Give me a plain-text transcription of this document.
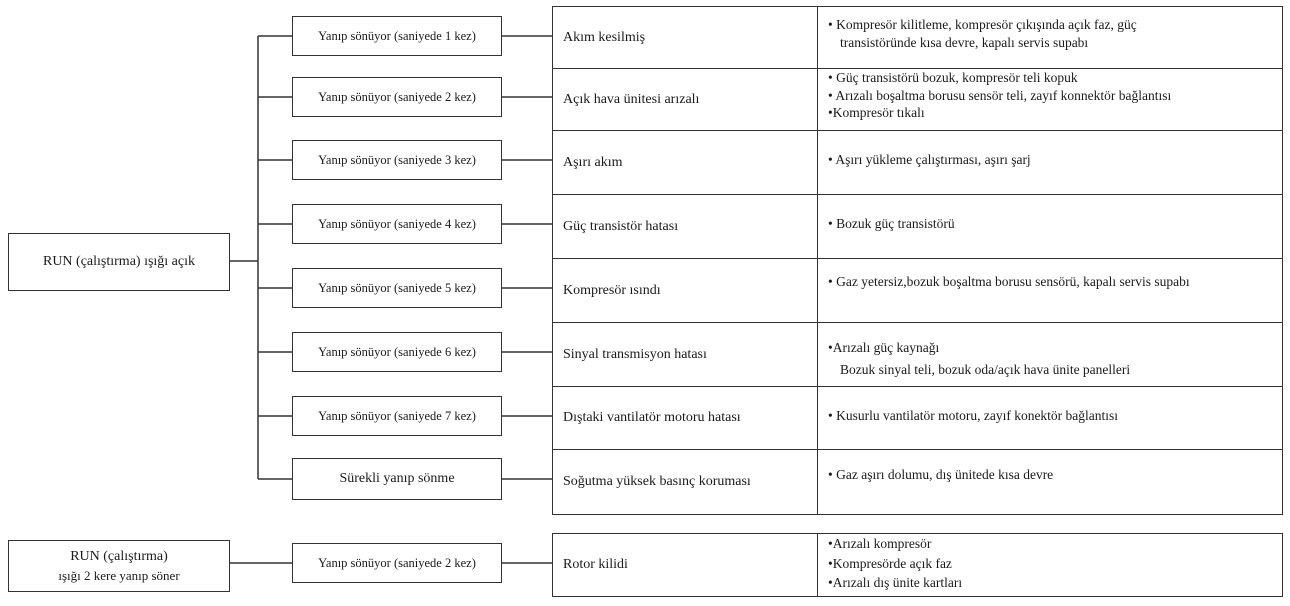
RUN (çalıştırma) ışığı açık
Yanıp sönüyor (saniyede 1 kez)
Yanıp sönüyor (saniyede 2 kez)
Yanıp sönüyor (saniyede 3 kez)
Yanıp sönüyor (saniyede 4 kez)
Yanıp sönüyor (saniyede 5 kez)
Yanıp sönüyor (saniyede 6 kez)
Yanıp sönüyor (saniyede 7 kez)
Sürekli yanıp sönme
Akım kesilmiş
Açık hava ünitesi arızalı
Aşırı akım
Güç transistör hatası
Kompresör ısındı
Sinyal transmisyon hatası
Dıştaki vantilatör motoru hatası
Soğutma yüksek basınç koruması
• Kompresör kilitleme, kompresör çıkışında açık faz, güç
transistöründe kısa devre, kapalı servis supabı
• Güç transistörü bozuk, kompresör teli kopuk
• Arızalı boşaltma borusu sensör teli, zayıf konnektör bağlantısı
• Kompresör tıkalı
• Aşırı yükleme çalıştırması, aşırı şarj
• Bozuk güç transistörü
• Gaz yetersiz,bozuk boşaltma borusu sensörü, kapalı servis supabı
• Arızalı güç kaynağı
Bozuk sinyal teli, bozuk oda/açık hava ünite panelleri
• Kusurlu vantilatör motoru, zayıf konektör bağlantısı
• Gaz aşırı dolumu, dış ünitede kısa devre
RUN (çalıştırma)
ışığı 2 kere yanıp söner
Yanıp sönüyor (saniyede 2 kez)	Rotor kilidi
• Arızalı kompresör
• Kompresörde açık faz
• Arızalı dış ünite kartları
